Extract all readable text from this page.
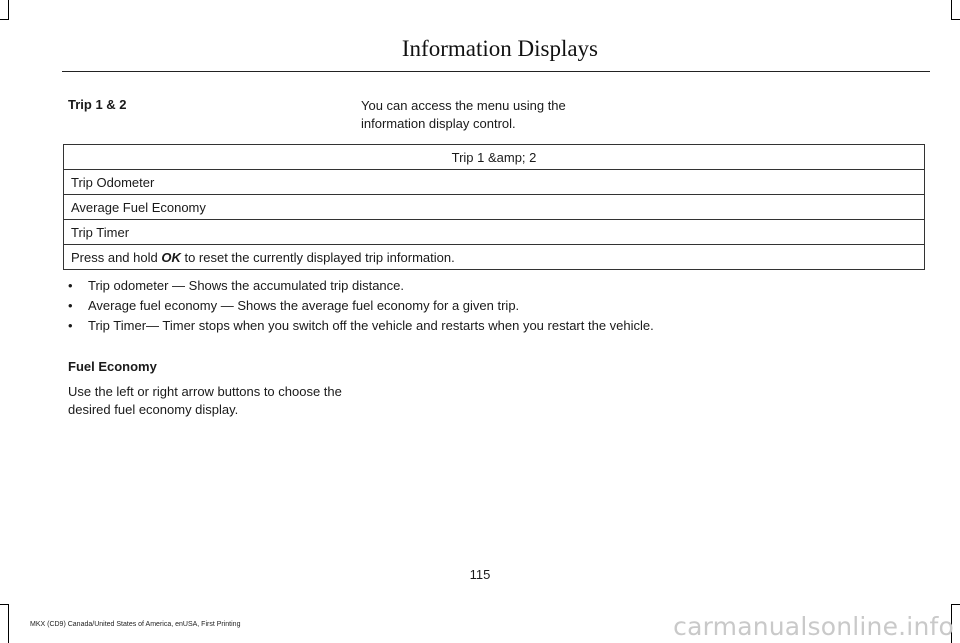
Information Displays
Trip 1 & 2	You can access the menu using the information display control.
Trip 1 &amp; 2
Trip Odometer
Average Fuel Economy
Trip Timer
Press and hold OK to reset the currently displayed trip information.
• Trip odometer — Shows the accumulated trip distance.
• Average fuel economy — Shows the average fuel economy for a given trip.
• Trip Timer— Timer stops when you switch off the vehicle and restarts when you restart the vehicle.
Fuel Economy
Use the left or right arrow buttons to choose the desired fuel economy display.
115
MKX (CD9) Canada/United States of America, enUSA, First Printing	carmanualsonline.info
